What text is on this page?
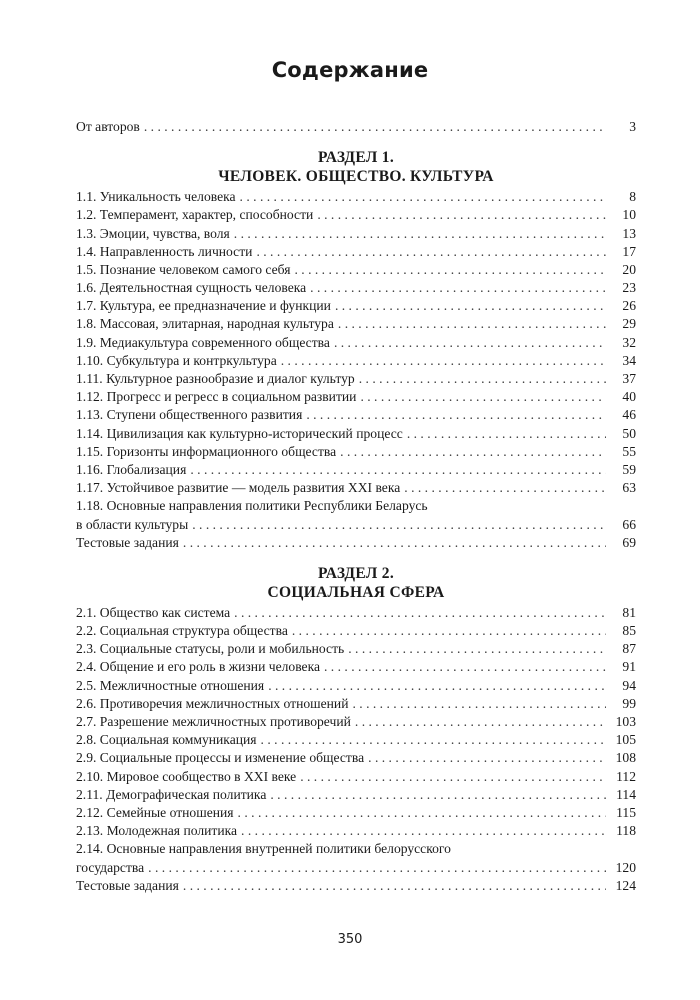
Содержание
От авторов . . .	3
РАЗДЕЛ 1.
ЧЕЛОВЕК. ОБЩЕСТВО. КУЛЬТУРА
1.1. Уникальность человека . . .	8
1.2. Темперамент, характер, способности . . .	10
1.3. Эмоции, чувства, воля . . .	13
1.4. Направленность личности . . .	17
1.5. Познание человеком самого себя . . .	20
1.6. Деятельностная сущность человека . . .	23
1.7. Культура, ее предназначение и функции . . .	26
1.8. Массовая, элитарная, народная культура . . .	29
1.9. Медиакультура современного общества . . .	32
1.10. Субкультура и контркультура . . .	34
1.11. Культурное разнообразие и диалог культур . . .	37
1.12. Прогресс и регресс в социальном развитии . . .	40
1.13. Ступени общественного развития . . .	46
1.14. Цивилизация как культурно-исторический процесс . . .	50
1.15. Горизонты информационного общества . . .	55
1.16. Глобализация . . .	59
1.17. Устойчивое развитие — модель развития XXI века . . .	63
1.18. Основные направления политики Республики Беларусь
в области культуры . . .	66
Тестовые задания . . .	69
РАЗДЕЛ 2.
СОЦИАЛЬНАЯ СФЕРА
2.1. Общество как система . . .	81
2.2. Социальная структура общества . . .	85
2.3. Социальные статусы, роли и мобильность . . .	87
2.4. Общение и его роль в жизни человека . . .	91
2.5. Межличностные отношения . . .	94
2.6. Противоречия межличностных отношений . . .	99
2.7. Разрешение межличностных противоречий . . .	103
2.8. Социальная коммуникация . . .	105
2.9. Социальные процессы и изменение общества . . .	108
2.10. Мировое сообщество в XXI веке . . .	112
2.11. Демографическая политика . . .	114
2.12. Семейные отношения . . .	115
2.13. Молодежная политика . . .	118
2.14. Основные направления внутренней политики белорусского
государства . . .	120
Тестовые задания . . .	124
350
